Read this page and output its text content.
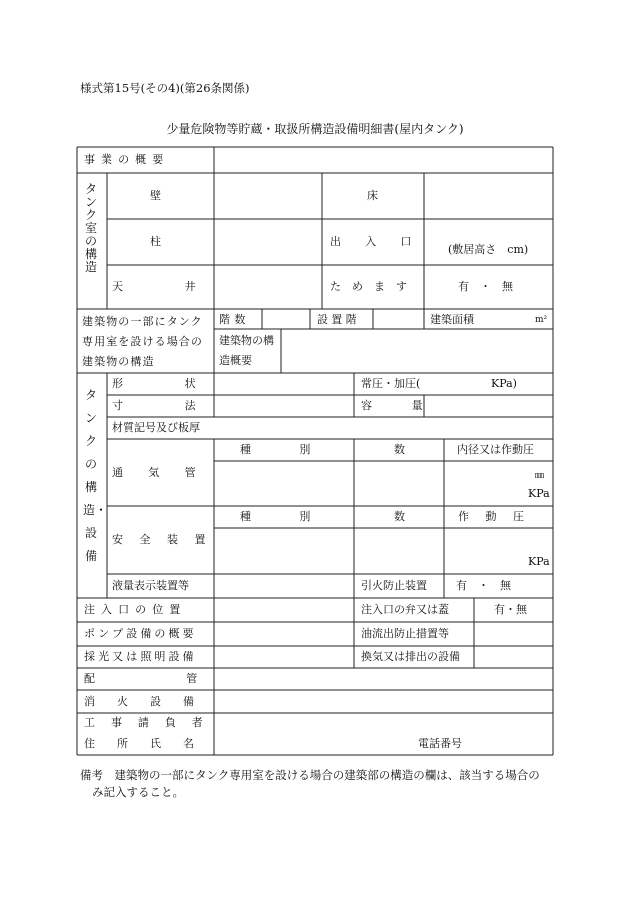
様式第15号(その4)(第26条関係)
少量危険物等貯蔵・取扱所構造設備明細書(屋内タンク)
事業の概要
タンク室の構造
壁	床
柱	出入口
(敷居高さ　cm)
天井	ためます	有　・　無
建築物の一部にタンク専用室を設ける場合の建築物の構造
階数	設置階	建築面積	m²
建築物の構造概要
タンクの構造・設備
形状	常圧・加圧(	KPa)
寸法	容量
材質記号及び板厚
通気管
種別	数	内径又は作動圧
㎜
KPa
安全装置
種別	数	作動圧
KPa
液量表示装置等	引火防止装置	有　・　無
注入口の位置	注入口の弁又は蓋	有・無
ポンプ設備の概要	油流出防止措置等
採光又は照明設備	換気又は排出の設備
配管
消火設備
工事請負者
住所氏名	電話番号
備考　建築物の一部にタンク専用室を設ける場合の建築部の構造の欄は、該当する場合の
み記入すること。
